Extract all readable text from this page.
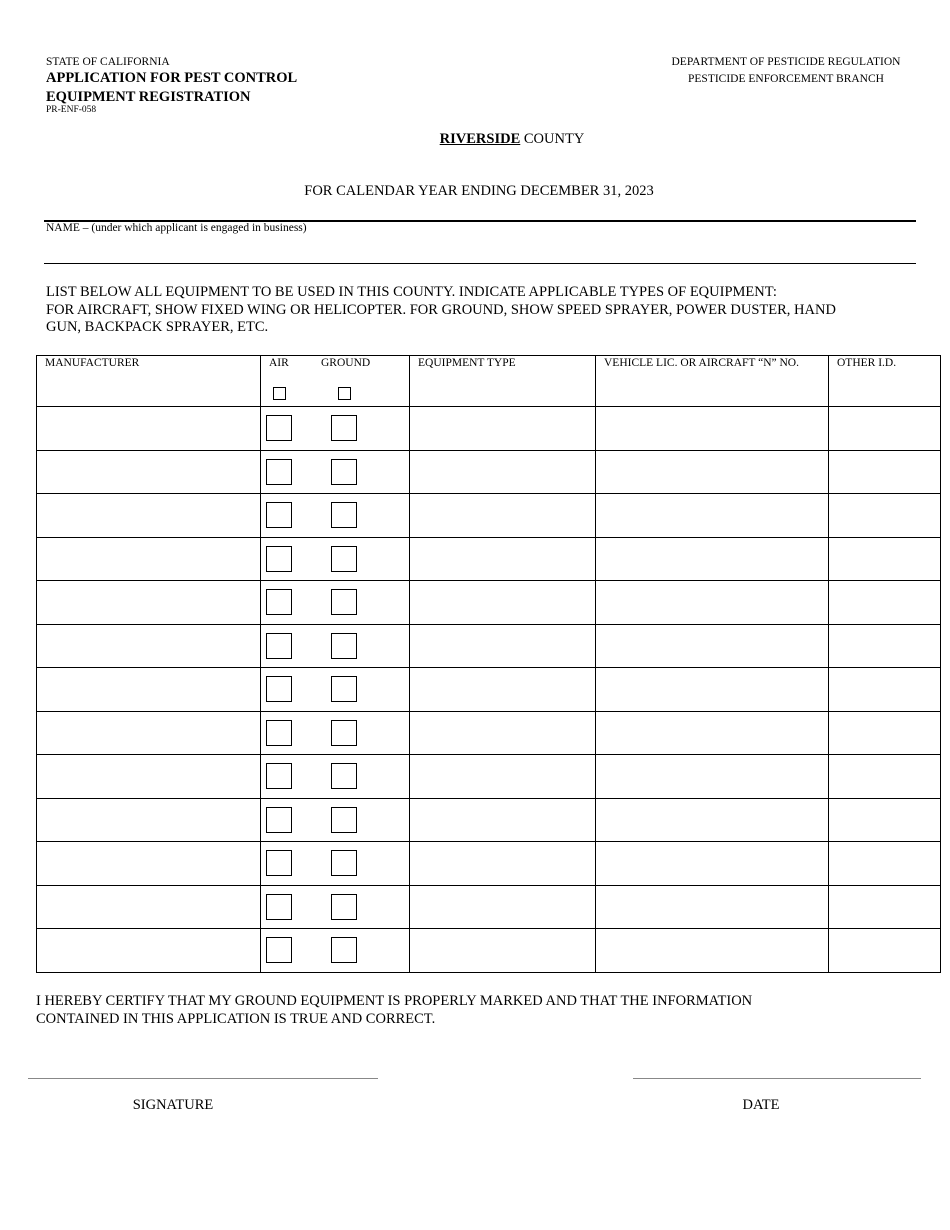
STATE OF CALIFORNIA
APPLICATION FOR PEST CONTROL
EQUIPMENT REGISTRATION
PR-ENF-058
DEPARTMENT OF PESTICIDE REGULATION
PESTICIDE ENFORCEMENT BRANCH
RIVERSIDE COUNTY
FOR CALENDAR YEAR ENDING DECEMBER 31, 2023
NAME – (under which applicant is engaged in business)
LIST BELOW ALL EQUIPMENT TO BE USED IN THIS COUNTY. INDICATE APPLICABLE TYPES OF EQUIPMENT:
FOR AIRCRAFT, SHOW FIXED WING OR HELICOPTER. FOR GROUND, SHOW SPEED SPRAYER, POWER DUSTER, HAND
GUN, BACKPACK SPRAYER, ETC.
MANUFACTURER	AIR GROUND	EQUIPMENT TYPE	VEHICLE LIC. OR AIRCRAFT “N” NO.	OTHER I.D.

I HEREBY CERTIFY THAT MY GROUND EQUIPMENT IS PROPERLY MARKED AND THAT THE INFORMATION
CONTAINED IN THIS APPLICATION IS TRUE AND CORRECT.
SIGNATURE	DATE
